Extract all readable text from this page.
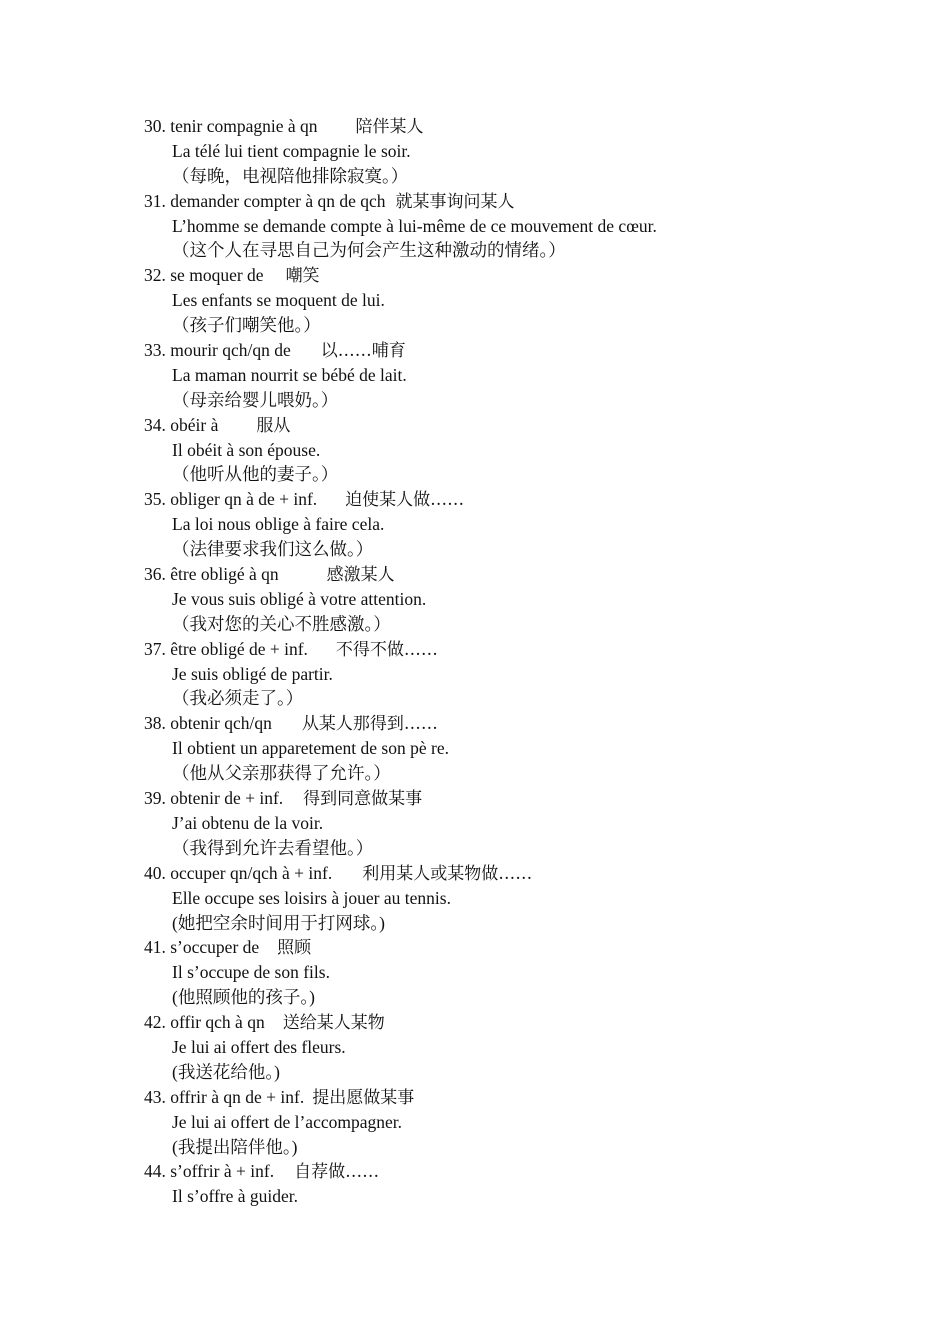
30. tenir compagnie à qn 陪伴某人
La télé lui tient compagnie le soir.
（每晚，电视陪他排除寂寞。）
31. demander compter à qn de qch 就某事询问某人
L’homme se demande compte à lui-même de ce mouvement de cœur.
（这个人在寻思自己为何会产生这种激动的情绪。）
32. se moquer de 嘲笑
Les enfants se moquent de lui.
（孩子们嘲笑他。）
33. mourir qch/qn de 以……哺育
La maman nourrit se bébé de lait.
（母亲给婴儿喂奶。）
34. obéir à 服从
Il obéit à son épouse.
（他听从他的妻子。）
35. obliger qn à de + inf. 迫使某人做……
La loi nous oblige à faire cela.
（法律要求我们这么做。）
36. être obligé à qn	感激某人
Je vous suis obligé à votre attention.
（我对您的关心不胜感激。）
37. être obligé de + inf. 不得不做……
Je suis obligé de partir.
（我必须走了。）
38. obtenir qch/qn 从某人那得到……
Il obtient un apparetement de son pè re.
（他从父亲那获得了允许。）
39. obtenir de + inf. 得到同意做某事
J’ai obtenu de la voir.
（我得到允许去看望他。）
40. occuper qn/qch à + inf. 利用某人或某物做……
Elle occupe ses loisirs à jouer au tennis.
(她把空余时间用于打网球。)
41. s’occuper de 照顾
Il s’occupe de son fils.
(他照顾他的孩子。)
42. offir qch à qn 送给某人某物
Je lui ai offert des fleurs.
(我送花给他。)
43. offrir à qn de + inf. 提出愿做某事
Je lui ai offert de l’accompagner.
(我提出陪伴他。)
44. s’offrir à + inf. 自荐做……
Il s’offre à guider.
